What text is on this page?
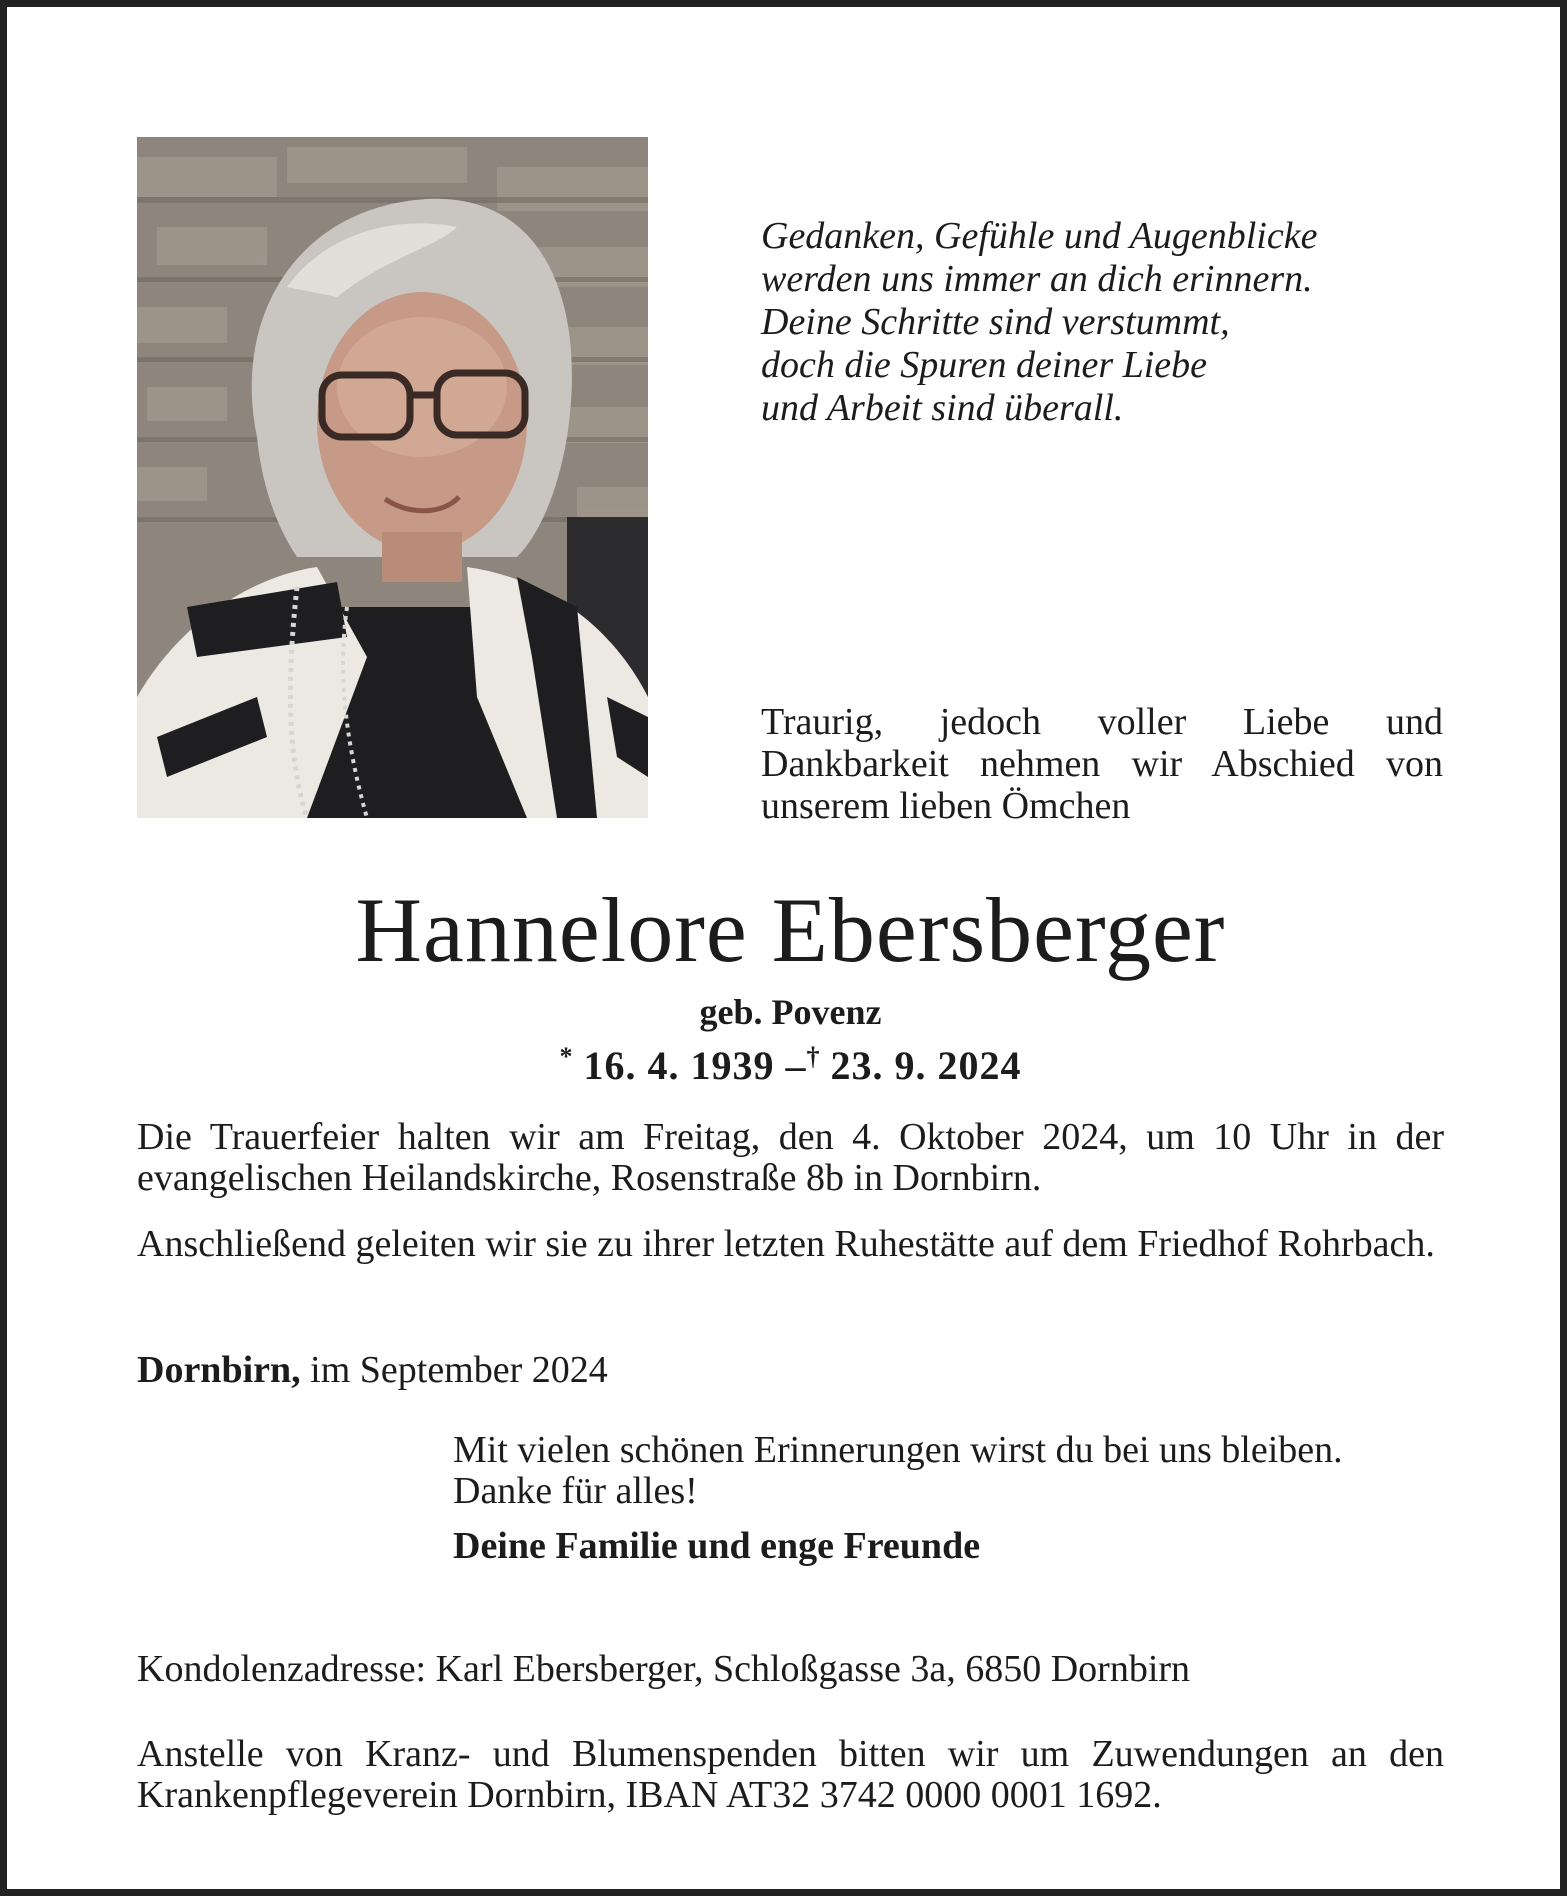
Gedanken, Gefühle und Augenblicke
werden uns immer an dich erinnern.
Deine Schritte sind verstummt,
doch die Spuren deiner Liebe
und Arbeit sind überall.
Traurig, jedoch voller Liebe und Dankbarkeit nehmen wir Abschied von unserem lieben Ömchen
Hannelore Ebersberger
geb. Povenz
* 16. 4. 1939 –† 23. 9. 2024
Die Trauerfeier halten wir am Freitag, den 4. Oktober 2024, um 10 Uhr in der evangelischen Heilandskirche, Rosenstraße 8b in Dornbirn.
Anschließend geleiten wir sie zu ihrer letzten Ruhestätte auf dem Friedhof Rohrbach.
Dornbirn, im September 2024
Mit vielen schönen Erinnerungen wirst du bei uns bleiben.
Danke für alles!
Deine Familie und enge Freunde
Kondolenzadresse: Karl Ebersberger, Schloßgasse 3a, 6850 Dornbirn
Anstelle von Kranz- und Blumenspenden bitten wir um Zuwendungen an den Krankenpflegeverein Dornbirn, IBAN AT32 3742 0000 0001 1692.
